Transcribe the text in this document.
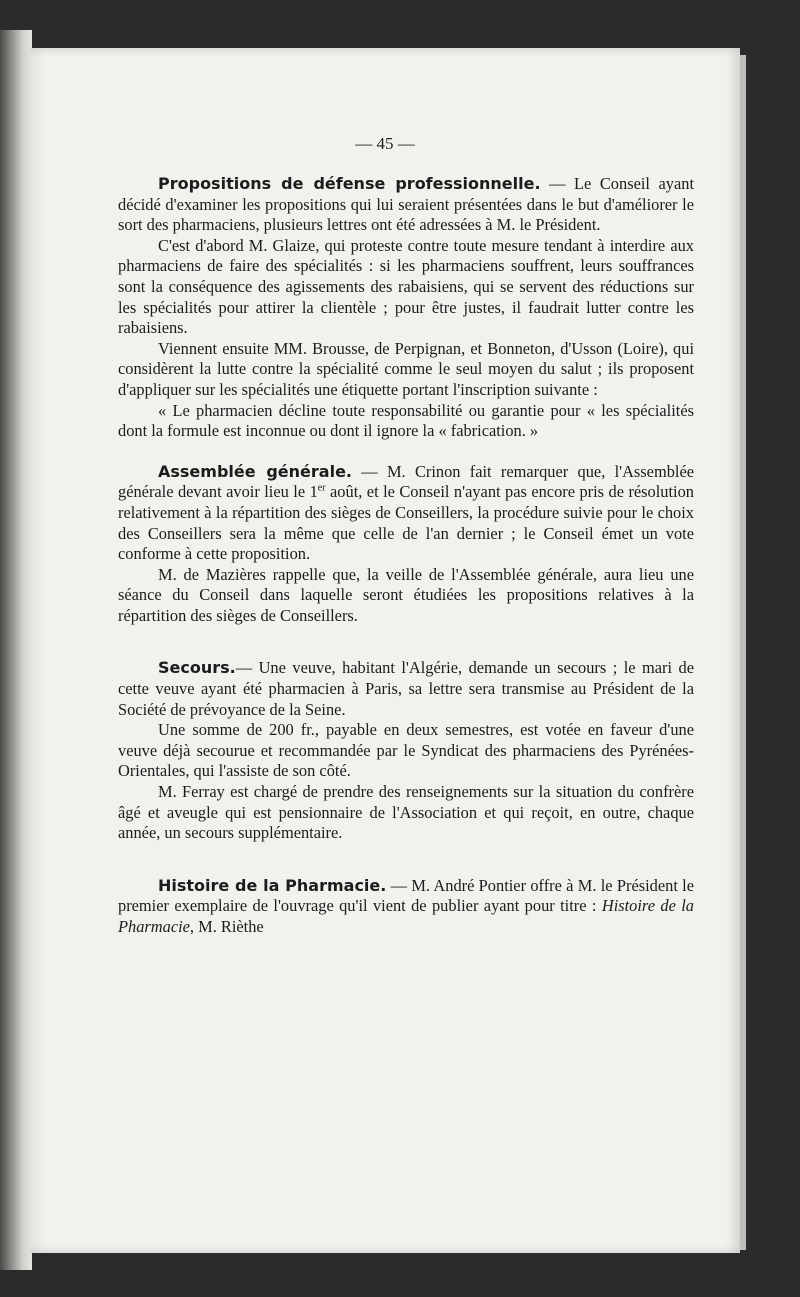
— 45 —

Propositions de défense professionnelle. — Le Conseil ayant décidé d'examiner les propositions qui lui seraient présentées dans le but d'améliorer le sort des pharmaciens, plusieurs lettres ont été adressées à M. le Président.

C'est d'abord M. Glaize, qui proteste contre toute mesure tendant à interdire aux pharmaciens de faire des spécialités : si les pharmaciens souffrent, leurs souffrances sont la conséquence des agissements des rabaisiens, qui se servent des réductions sur les spécialités pour attirer la clientèle ; pour être justes, il faudrait lutter contre les rabaisiens.

Viennent ensuite MM. Brousse, de Perpignan, et Bonneton, d'Usson (Loire), qui considèrent la lutte contre la spécialité comme le seul moyen du salut ; ils proposent d'appliquer sur les spécialités une étiquette portant l'inscription suivante :

« Le pharmacien décline toute responsabilité ou garantie pour « les spécialités dont la formule est inconnue ou dont il ignore la « fabrication. »

Assemblée générale. — M. Crinon fait remarquer que, l'Assemblée générale devant avoir lieu le 1er août, et le Conseil n'ayant pas encore pris de résolution relativement à la répartition des sièges de Conseillers, la procédure suivie pour le choix des Conseillers sera la même que celle de l'an dernier ; le Conseil émet un vote conforme à cette proposition.

M. de Mazières rappelle que, la veille de l'Assemblée générale, aura lieu une séance du Conseil dans laquelle seront étudiées les propositions relatives à la répartition des sièges de Conseillers.

Secours.— Une veuve, habitant l'Algérie, demande un secours ; le mari de cette veuve ayant été pharmacien à Paris, sa lettre sera transmise au Président de la Société de prévoyance de la Seine.

Une somme de 200 fr., payable en deux semestres, est votée en faveur d'une veuve déjà secourue et recommandée par le Syndicat des pharmaciens des Pyrénées-Orientales, qui l'assiste de son côté.

M. Ferray est chargé de prendre des renseignements sur la situation du confrère âgé et aveugle qui est pensionnaire de l'Association et qui reçoit, en outre, chaque année, un secours supplémentaire.

Histoire de la Pharmacie. — M. André Pontier offre à M. le Président le premier exemplaire de l'ouvrage qu'il vient de publier ayant pour titre : Histoire de la Pharmacie, M. Rièthe
